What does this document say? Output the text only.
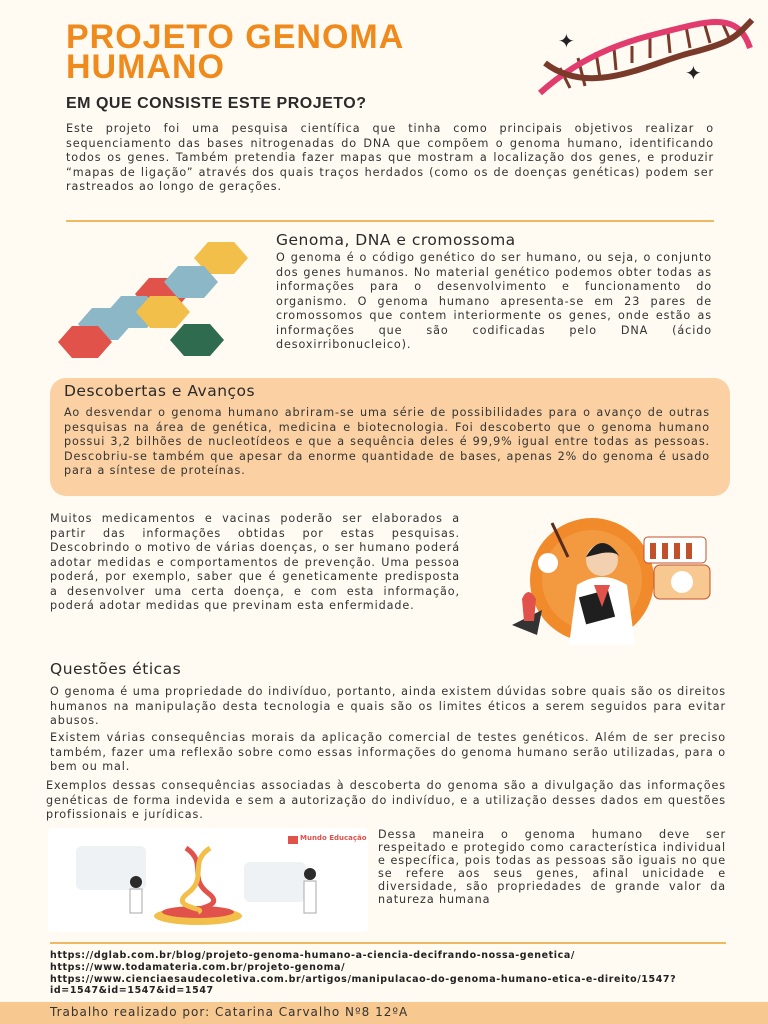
PROJETO GENOMA HUMANO
✦
✦
EM QUE CONSISTE ESTE PROJETO?
Este projeto foi uma pesquisa científica que tinha como principais objetivos realizar o sequenciamento das bases nitrogenadas do DNA que compõem o genoma humano, identificando todos os genes. Também pretendia fazer mapas que mostram a localização dos genes, e produzir “mapas de ligação” através dos quais traços herdados (como os de doenças genéticas) podem ser rastreados ao longo de gerações.
Genoma, DNA e cromossoma
O genoma é o código genético do ser humano, ou seja, o conjunto dos genes humanos. No material genético podemos obter todas as informações para o desenvolvimento e funcionamento do organismo. O genoma humano apresenta-se em 23 pares de cromossomos que contem interiormente os genes, onde estão as informações que são codificadas pelo DNA (ácido desoxirribonucleico).
Descobertas e Avanços
Ao desvendar o genoma humano abriram-se uma série de possibilidades para o avanço de outras pesquisas na área de genética, medicina e biotecnologia. Foi descoberto que o genoma humano possui 3,2 bilhões de nucleotídeos e que a sequência deles é 99,9% igual entre todas as pessoas. Descobriu-se também que apesar da enorme quantidade de bases, apenas 2% do genoma é usado para a síntese de proteínas.
Muitos medicamentos e vacinas poderão ser elaborados a partir das informações obtidas por estas pesquisas. Descobrindo o motivo de várias doenças, o ser humano poderá adotar medidas e comportamentos de prevenção. Uma pessoa poderá, por exemplo, saber que é geneticamente predisposta a desenvolver uma certa doença, e com esta informação, poderá adotar medidas que previnam esta enfermidade.
Questões éticas
O genoma é uma propriedade do indivíduo, portanto, ainda existem dúvidas sobre quais são os direitos humanos na manipulação desta tecnologia e quais são os limites éticos a serem seguidos para evitar abusos.
Existem várias consequências morais da aplicação comercial de testes genéticos. Além de ser preciso também, fazer uma reflexão sobre como essas informações do genoma humano serão utilizadas, para o bem ou mal.
Exemplos dessas consequências associadas à descoberta do genoma são a divulgação das informações genéticas de forma indevida e sem a autorização do indivíduo, e a utilização desses dados em questões profissionais e jurídicas.
Mundo Educação Dessa maneira o genoma humano deve ser respeitado e protegido como característica individual e específica, pois todas as pessoas são iguais no que se refere aos seus genes, afinal unicidade e diversidade, são propriedades de grande valor da natureza humana
https://dglab.com.br/blog/projeto-genoma-humano-a-ciencia-decifrando-nossa-genetica/
https://www.todamateria.com.br/projeto-genoma/
https://www.cienciaesaudecoletiva.com.br/artigos/manipulacao-do-genoma-humano-etica-e-direito/1547?id=1547&id=1547&id=1547
Trabalho realizado por: Catarina Carvalho Nº8 12ºA
